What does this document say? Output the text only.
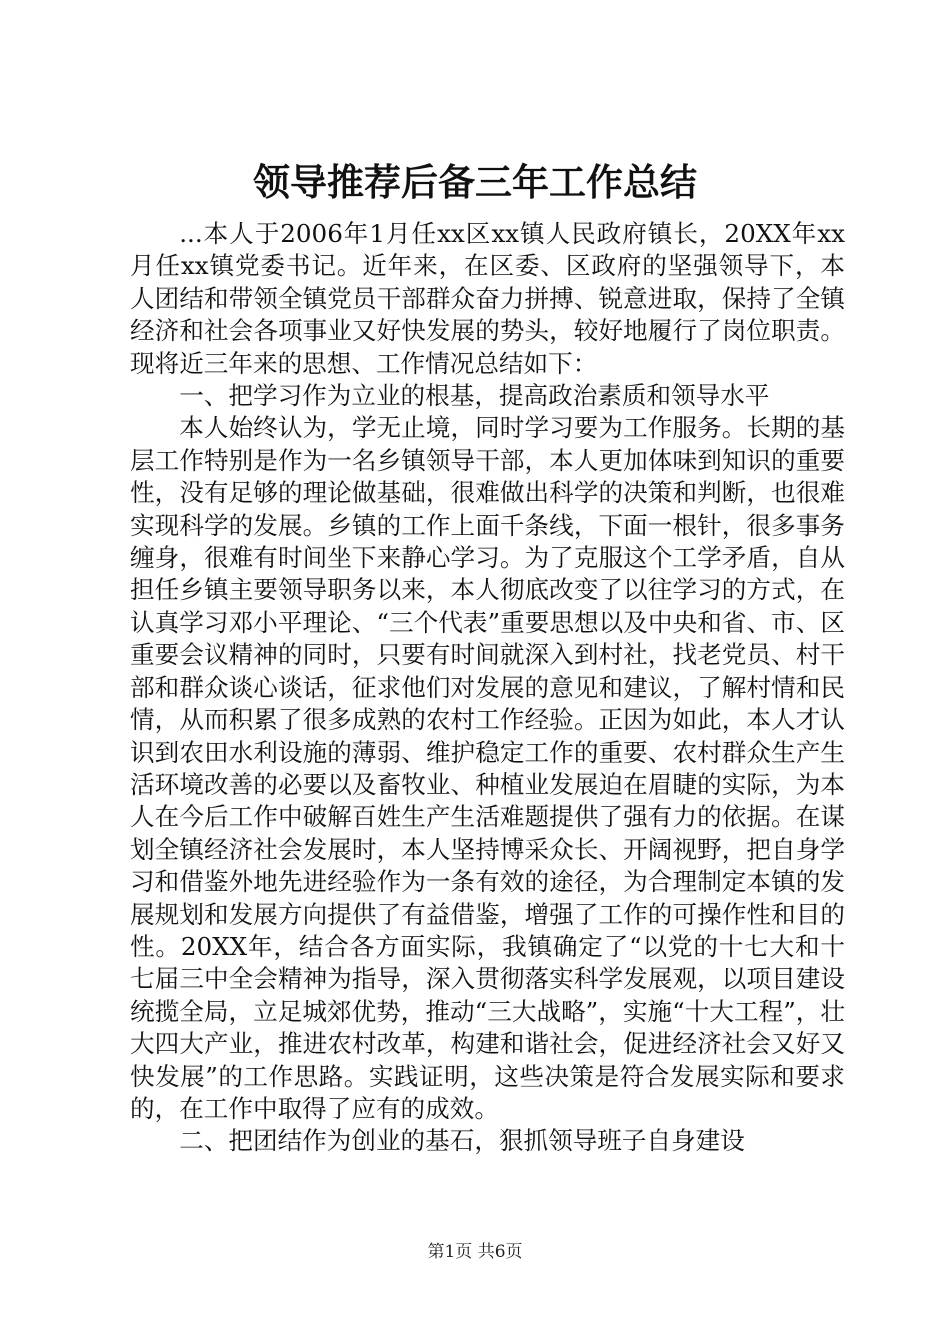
领导推荐后备三年工作总结

...本人于2006年1月任xx区xx镇人民政府镇长，20XX年xx月任xx镇党委书记。近年来，在区委、区政府的坚强领导下，本人团结和带领全镇党员干部群众奋力拼搏、锐意进取，保持了全镇经济和社会各项事业又好快发展的势头，较好地履行了岗位职责。现将近三年来的思想、工作情况总结如下：

一、把学习作为立业的根基，提高政治素质和领导水平

本人始终认为，学无止境，同时学习要为工作服务。长期的基层工作特别是作为一名乡镇领导干部，本人更加体味到知识的重要性，没有足够的理论做基础，很难做出科学的决策和判断，也很难实现科学的发展。乡镇的工作上面千条线，下面一根针，很多事务缠身，很难有时间坐下来静心学习。为了克服这个工学矛盾，自从担任乡镇主要领导职务以来，本人彻底改变了以往学习的方式，在认真学习邓小平理论、“三个代表”重要思想以及中央和省、市、区重要会议精神的同时，只要有时间就深入到村社，找老党员、村干部和群众谈心谈话，征求他们对发展的意见和建议，了解村情和民情，从而积累了很多成熟的农村工作经验。正因为如此，本人才认识到农田水利设施的薄弱、维护稳定工作的重要、农村群众生产生活环境改善的必要以及畜牧业、种植业发展迫在眉睫的实际，为本人在今后工作中破解百姓生产生活难题提供了强有力的依据。在谋划全镇经济社会发展时，本人坚持博采众长、开阔视野，把自身学习和借鉴外地先进经验作为一条有效的途径，为合理制定本镇的发展规划和发展方向提供了有益借鉴，增强了工作的可操作性和目的性。20XX年，结合各方面实际，我镇确定了“以党的十七大和十七届三中全会精神为指导，深入贯彻落实科学发展观，以项目建设统揽全局，立足城郊优势，推动“三大战略”，实施“十大工程”，壮大四大产业，推进农村改革，构建和谐社会，促进经济社会又好又快发展”的工作思路。实践证明，这些决策是符合发展实际和要求的，在工作中取得了应有的成效。

二、把团结作为创业的基石，狠抓领导班子自身建设

第1页 共6页
